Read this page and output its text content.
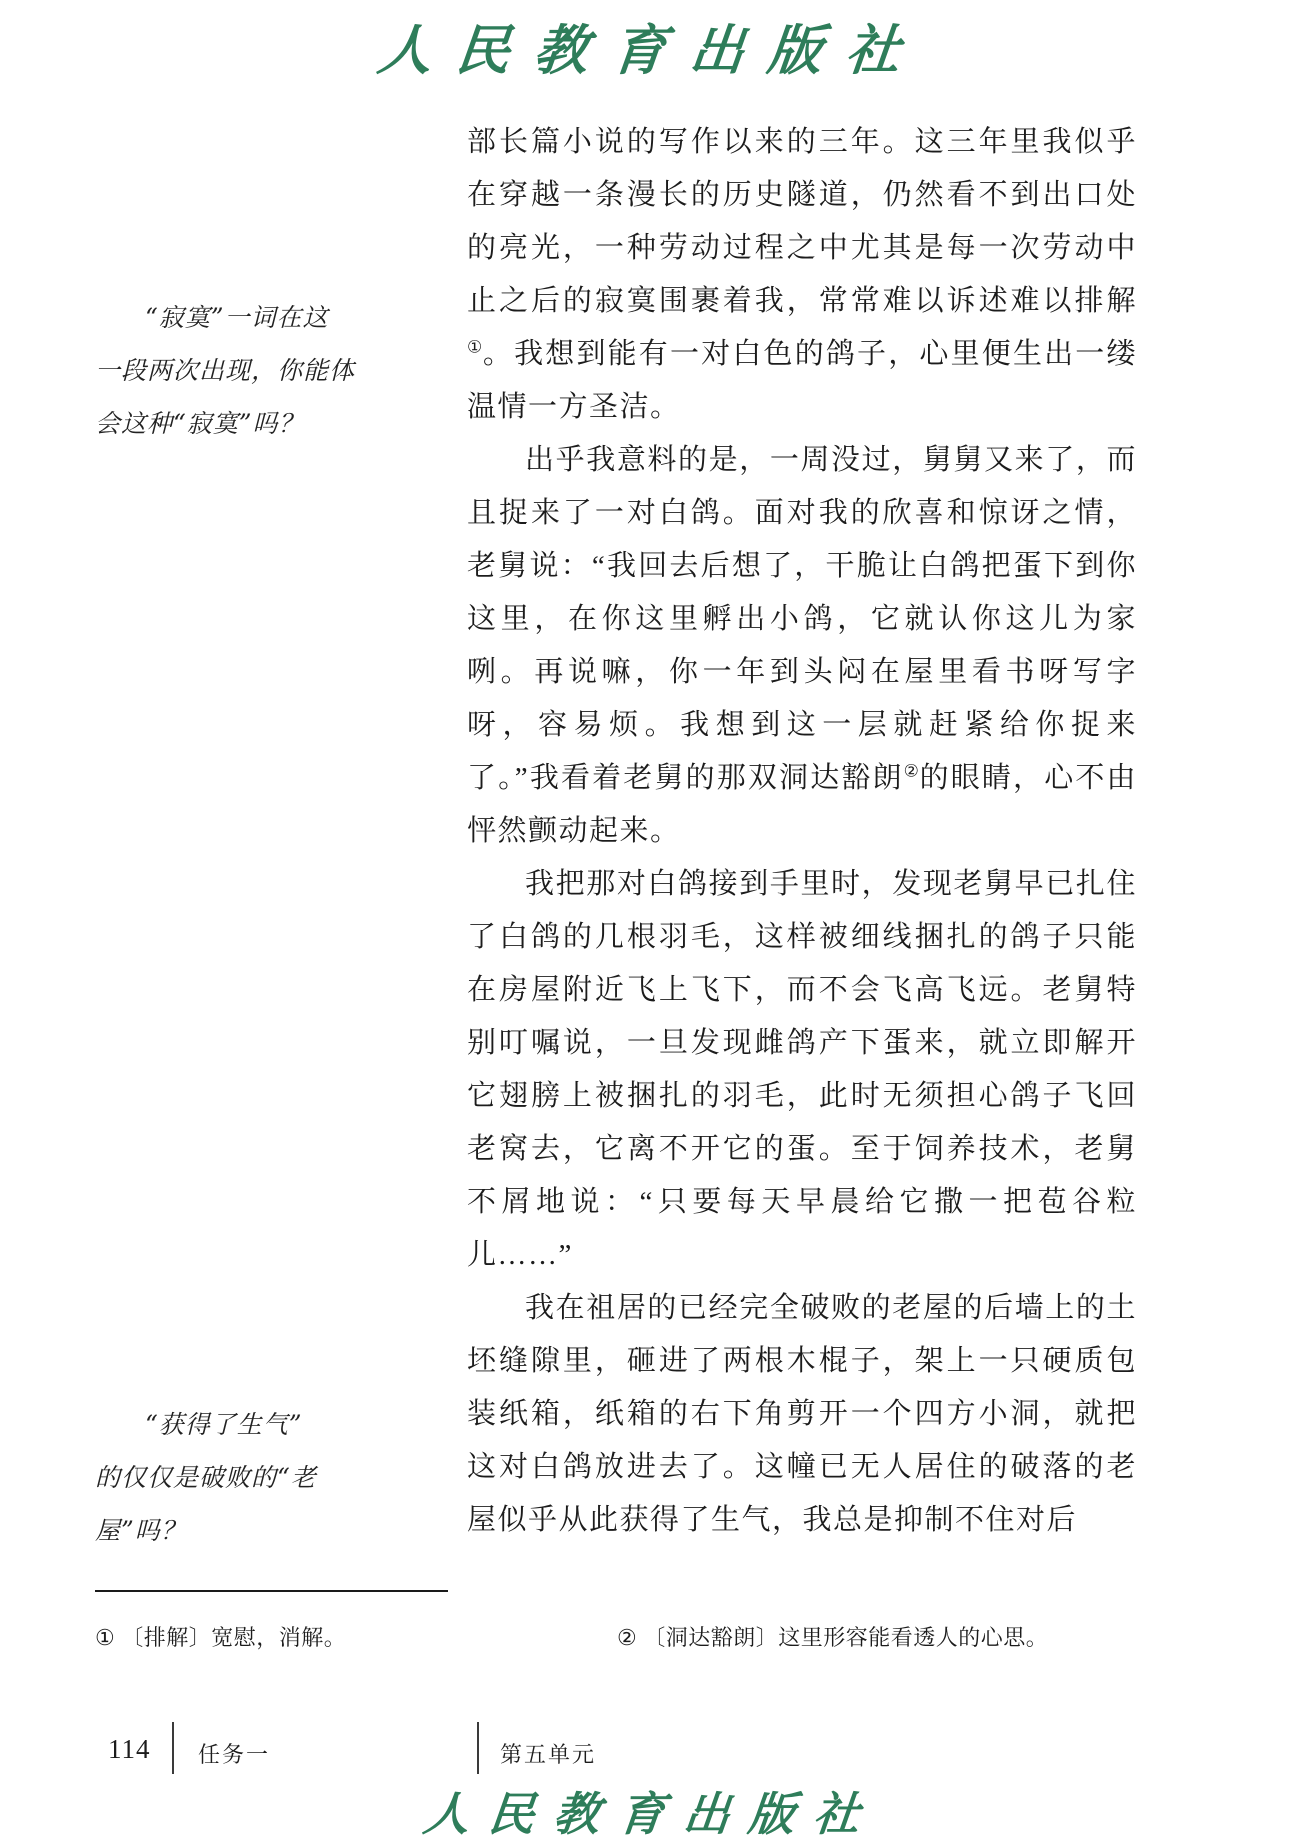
人民教育出版社
“寂寞”一词在这
一段两次出现，你能体
会这种“寂寞”吗？
“获得了生气”
的仅仅是破败的“老
屋”吗？

部长篇小说的写作以来的三年。这三年里我似乎在穿越一条漫长的历史隧道，仍然看不到出口处的亮光，一种劳动过程之中尤其是每一次劳动中止之后的寂寞围裹着我，常常难以诉述难以排解①。我想到能有一对白色的鸽子，心里便生出一缕温情一方圣洁。

出乎我意料的是，一周没过，舅舅又来了，而且捉来了一对白鸽。面对我的欣喜和惊讶之情，老舅说：“我回去后想了，干脆让白鸽把蛋下到你这里，在你这里孵出小鸽，它就认你这儿为家咧。再说嘛，你一年到头闷在屋里看书呀写字呀，容易烦。我想到这一层就赶紧给你捉来了。”我看着老舅的那双洞达豁朗②的眼睛，心不由怦然颤动起来。

我把那对白鸽接到手里时，发现老舅早已扎住了白鸽的几根羽毛，这样被细线捆扎的鸽子只能在房屋附近飞上飞下，而不会飞高飞远。老舅特别叮嘱说，一旦发现雌鸽产下蛋来，就立即解开它翅膀上被捆扎的羽毛，此时无须担心鸽子飞回老窝去，它离不开它的蛋。至于饲养技术，老舅不屑地说：“只要每天早晨给它撒一把苞谷粒儿……”

我在祖居的已经完全破败的老屋的后墙上的土坯缝隙里，砸进了两根木棍子，架上一只硬质包装纸箱，纸箱的右下角剪开一个四方小洞，就把这对白鸽放进去了。这幢已无人居住的破落的老屋似乎从此获得了生气，我总是抑制不住对后

① 〔排解〕宽慰，消解。	② 〔洞达豁朗〕这里形容能看透人的心思。
114 任务一	第五单元
人民教育出版社
